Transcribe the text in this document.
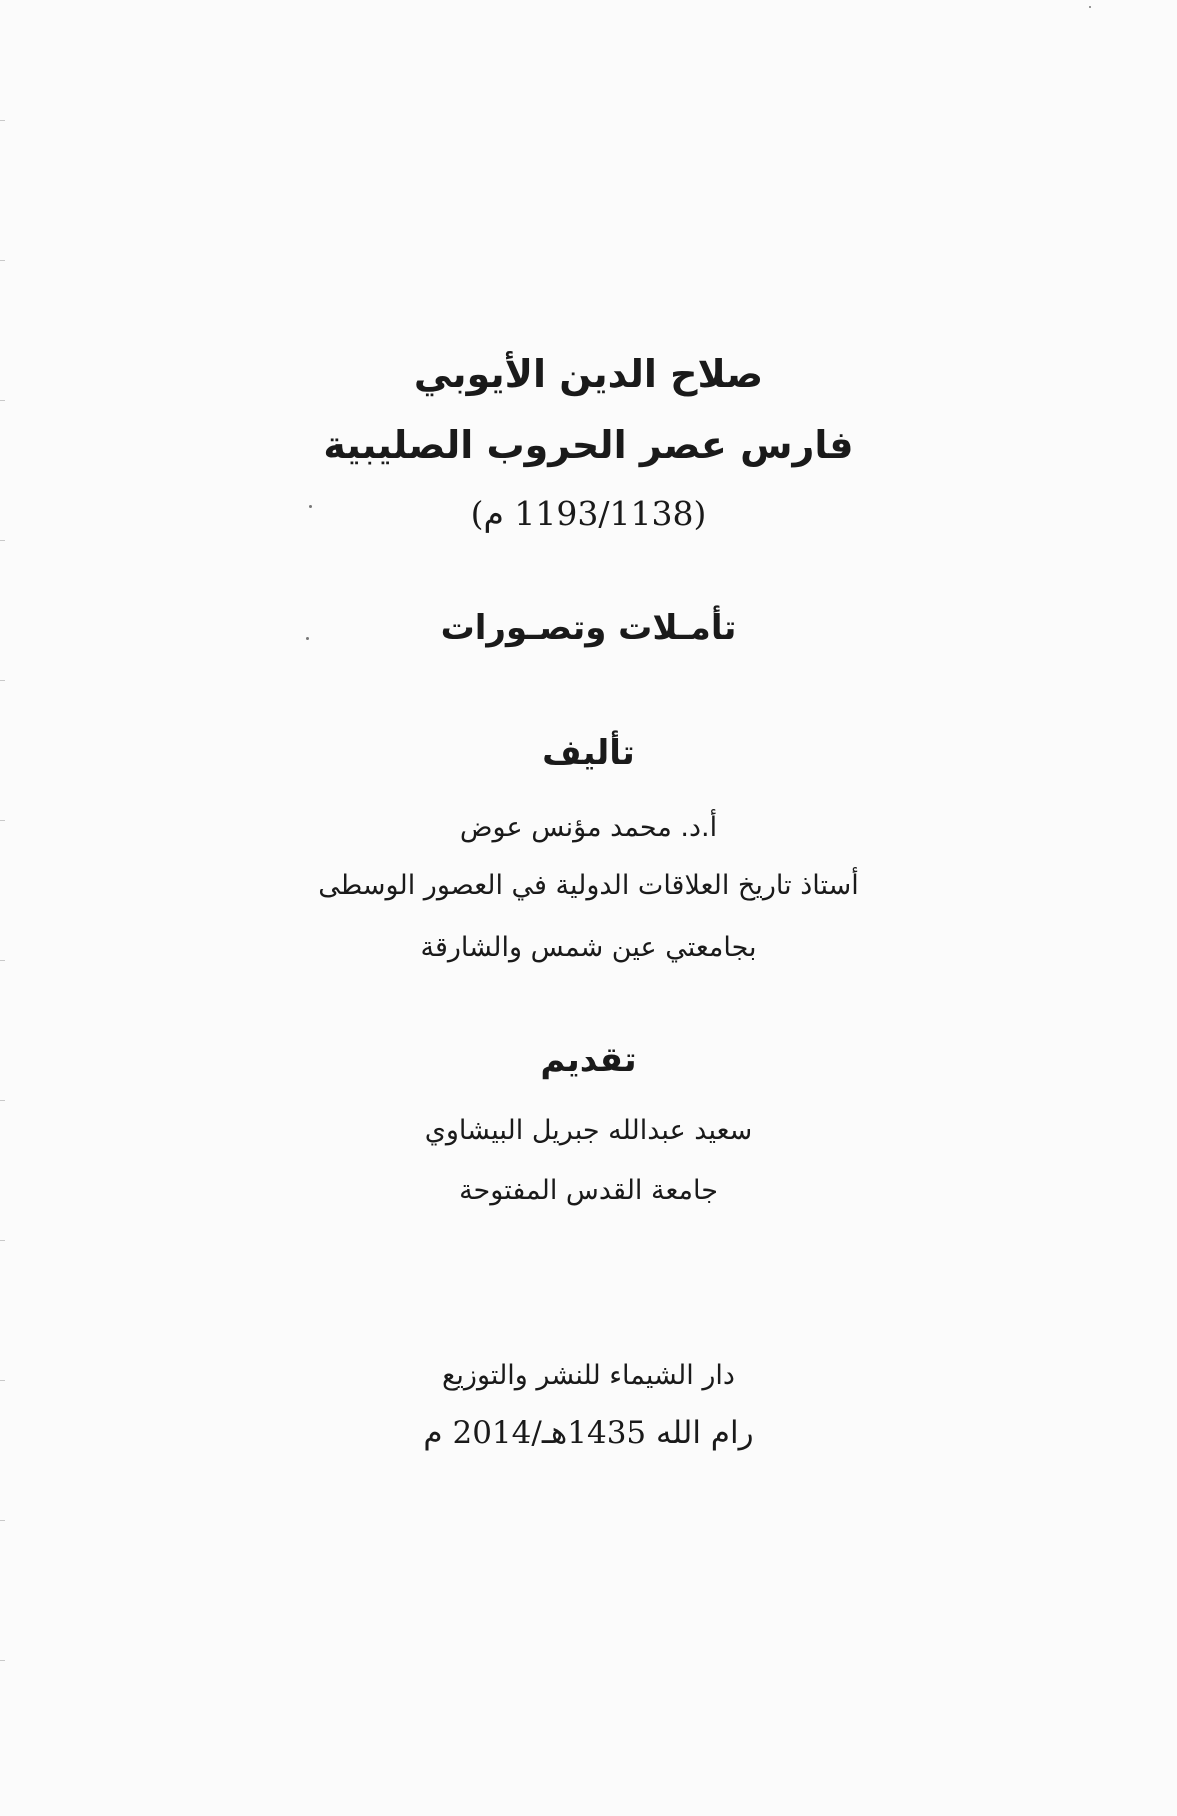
صلاح الدين الأيوبي
فارس عصر الحروب الصليبية
(1193/1138 م)
تأمـلات وتصـورات
تأليف
أ.د. محمد مؤنس عوض
أستاذ تاريخ العلاقات الدولية في العصور الوسطى
بجامعتي عين شمس والشارقة
تقديم
سعيد عبدالله جبريل البيشاوي
جامعة القدس المفتوحة
دار الشيماء للنشر والتوزيع
رام الله 1435هـ/2014 م
